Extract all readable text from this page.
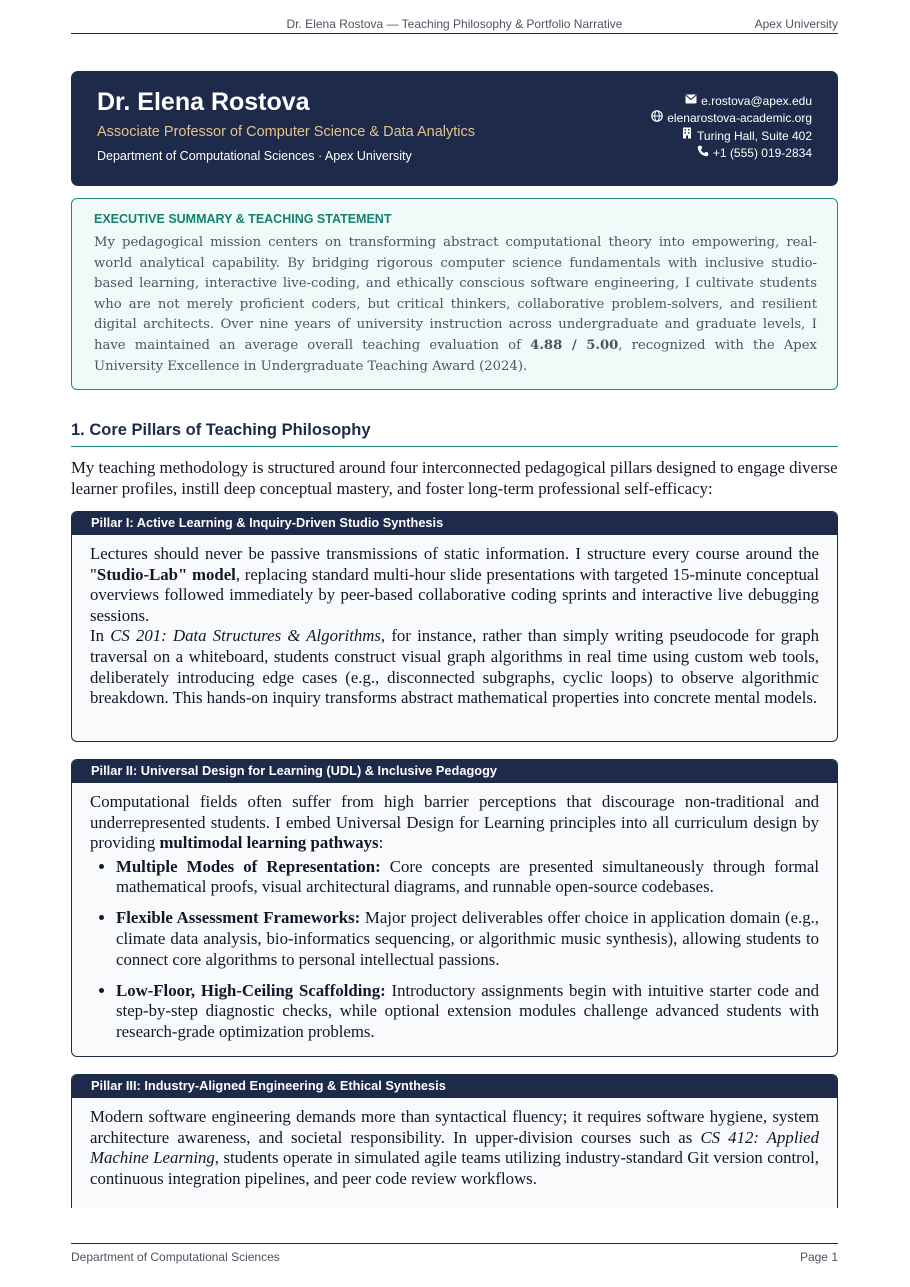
Dr. Elena Rostova — Teaching Philosophy & Portfolio Narrative	Apex University
Dr. Elena Rostova
Associate Professor of Computer Science & Data Analytics
Department of Computational Sciences · Apex University
e.rostova@apex.edu
elenarostova-academic.org
Turing Hall, Suite 402
+1 (555) 019-2834
EXECUTIVE SUMMARY & TEACHING STATEMENT
My pedagogical mission centers on transforming abstract computational theory into empowering, real-world analytical capability. By bridging rigorous computer science fundamentals with inclusive studio-based learning, interactive live-coding, and ethically conscious software engineering, I cultivate students who are not merely proficient coders, but critical thinkers, collaborative problem-solvers, and resilient digital architects. Over nine years of university instruction across undergraduate and graduate levels, I have maintained an average overall teaching evaluation of 4.88 / 5.00, recognized with the Apex University Excellence in Undergraduate Teaching Award (2024).
1. Core Pillars of Teaching Philosophy
My teaching methodology is structured around four interconnected pedagogical pillars designed to engage diverse learner profiles, instill deep conceptual mastery, and foster long-term professional self-efficacy:
Pillar I: Active Learning & Inquiry-Driven Studio Synthesis

Lectures should never be passive transmissions of static information. I structure every course around the "Studio-Lab" model, replacing standard multi-hour slide presentations with targeted 15-minute conceptual overviews followed immediately by peer-based collaborative coding sprints and interactive live debugging sessions.

In CS 201: Data Structures & Algorithms, for instance, rather than simply writing pseudocode for graph traversal on a whiteboard, students construct visual graph algorithms in real time using custom web tools, deliberately introducing edge cases (e.g., disconnected subgraphs, cyclic loops) to observe algorithmic breakdown. This hands-on inquiry transforms abstract mathematical properties into concrete mental models.

Pillar II: Universal Design for Learning (UDL) & Inclusive Pedagogy

Computational fields often suffer from high barrier perceptions that discourage non-traditional and underrepresented students. I embed Universal Design for Learning principles into all curriculum design by providing multimodal learning pathways:

• Multiple Modes of Representation: Core concepts are presented simultaneously through formal mathematical proofs, visual architectural diagrams, and runnable open-source codebases.
• Flexible Assessment Frameworks: Major project deliverables offer choice in application domain (e.g., climate data analysis, bio-informatics sequencing, or algorithmic music synthesis), allowing students to connect core algorithms to personal intellectual passions.
• Low-Floor, High-Ceiling Scaffolding: Introductory assignments begin with intuitive starter code and step-by-step diagnostic checks, while optional extension modules challenge advanced students with research-grade optimization problems.
Pillar III: Industry-Aligned Engineering & Ethical Synthesis

Modern software engineering demands more than syntactical fluency; it requires software hygiene, system architecture awareness, and societal responsibility. In upper-division courses such as CS 412: Applied Machine Learning, students operate in simulated agile teams utilizing industry-standard Git version control, continuous integration pipelines, and peer code review workflows.

Department of Computational Sciences	Page 1
